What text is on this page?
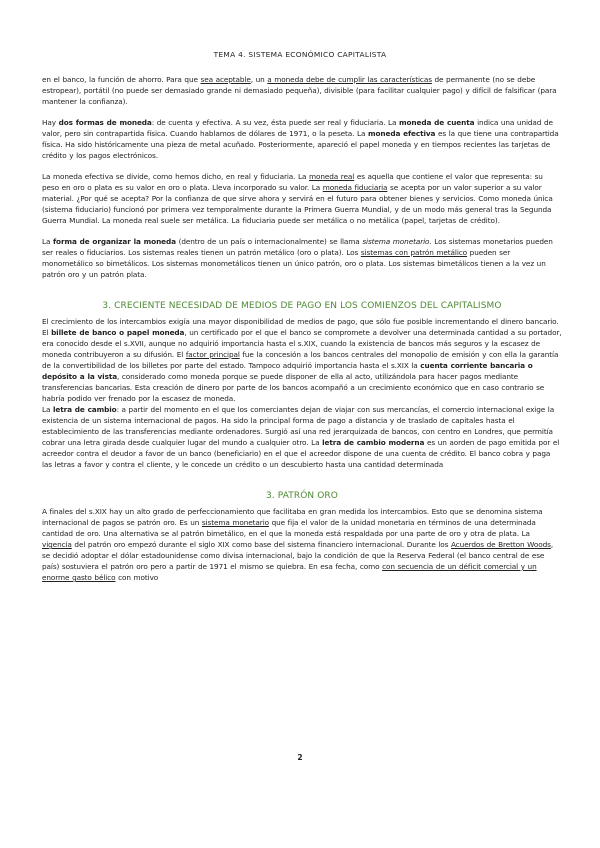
TEMA 4. SISTEMA ECONÓMICO CAPITALISTA

en el banco, la función de ahorro. Para que sea aceptable, un a moneda debe de cumplir las características de permanente (no se debe estropear), portátil (no puede ser demasiado grande ni demasiado pequeña), divisible (para facilitar cualquier pago) y difícil de falsificar (para mantener la confianza).

Hay dos formas de moneda: de cuenta y efectiva. A su vez, ésta puede ser real y fiduciaria. La moneda de cuenta indica una unidad de valor, pero sin contrapartida física. Cuando hablamos de dólares de 1971, o la peseta. La moneda efectiva es la que tiene una contrapartida física. Ha sido históricamente una pieza de metal acuñado. Posteriormente, apareció el papel moneda y en tiempos recientes las tarjetas de crédito y los pagos electrónicos.

La moneda efectiva se divide, como hemos dicho, en real y fiduciaria. La moneda real es aquella que contiene el valor que representa: su peso en oro o plata es su valor en oro o plata. Lleva incorporado su valor. La moneda fiduciaria se acepta por un valor superior a su valor material. ¿Por qué se acepta? Por la confianza de que sirve ahora y servirá en el futuro para obtener bienes y servicios. Como moneda única (sistema fiduciario) funcionó por primera vez temporalmente durante la Primera Guerra Mundial, y de un modo más general tras la Segunda Guerra Mundial. La moneda real suele ser metálica. La fiduciaria puede ser metálica o no metálica (papel, tarjetas de crédito).

La forma de organizar la moneda (dentro de un país o internacionalmente) se llama sistema monetario. Los sistemas monetarios pueden ser reales o fiduciarios. Los sistemas reales tienen un patrón metálico (oro o plata). Los sistemas con patrón metálico pueden ser monometálico so bimetálicos. Los sistemas monometálicos tienen un único patrón, oro o plata. Los sistemas bimetálicos tienen a la vez un patrón oro y un patrón plata.

3. CRECIENTE NECESIDAD DE MEDIOS DE PAGO EN LOS COMIENZOS DEL CAPITALISMO

El crecimiento de los intercambios exigía una mayor disponibilidad de medios de pago, que sólo fue posible incrementando el dinero bancario. El billete de banco o papel moneda, un certificado por el que el banco se compromete a devolver una determinada cantidad a su portador, era conocido desde el s.XVII, aunque no adquirió importancia hasta el s.XIX, cuando la existencia de bancos más seguros y la escasez de moneda contribuyeron a su difusión. El factor principal fue la concesión a los bancos centrales del monopolio de emisión y con ella la garantía de la convertibilidad de los billetes por parte del estado. Tampoco adquirió importancia hasta el s.XIX la cuenta corriente bancaria o depósito a la vista, considerado como moneda porque se puede disponer de ella al acto, utilizándola para hacer pagos mediante transferencias bancarias. Esta creación de dinero por parte de los bancos acompañó a un crecimiento económico que en caso contrario se habría podido ver frenado por la escasez de moneda.

La letra de cambio: a partir del momento en el que los comerciantes dejan de viajar con sus mercancías, el comercio internacional exige la existencia de un sistema internacional de pagos. Ha sido la principal forma de pago a distancia y de traslado de capitales hasta el establecimiento de las transferencias mediante ordenadores. Surgió así una red jerarquizada de bancos, con centro en Londres, que permitía cobrar una letra girada desde cualquier lugar del mundo a cualquier otro. La letra de cambio moderna es un aorden de pago emitida por el acreedor contra el deudor a favor de un banco (beneficiario) en el que el acreedor dispone de una cuenta de crédito. El banco cobra y paga las letras a favor y contra el cliente, y le concede un crédito o un descubierto hasta una cantidad determinada

3. PATRÓN ORO

A finales del s.XIX hay un alto grado de perfeccionamiento que facilitaba en gran medida los intercambios. Esto que se denomina sistema internacional de pagos se patrón oro. Es un sistema monetario que fija el valor de la unidad monetaria en términos de una determinada cantidad de oro. Una alternativa se al patrón bimetálico, en el que la moneda está respaldada por una parte de oro y otra de plata. La vigencia del patrón oro empezó durante el siglo XIX como base del sistema financiero internacional. Durante los Acuerdos de Bretton Woods, se decidió adoptar el dólar estadounidense como divisa internacional, bajo la condición de que la Reserva Federal (el banco central de ese país) sostuviera el patrón oro pero a partir de 1971 el mismo se quiebra. En esa fecha, como con secuencia de un déficit comercial y un enorme gasto bélico con motivo

2
